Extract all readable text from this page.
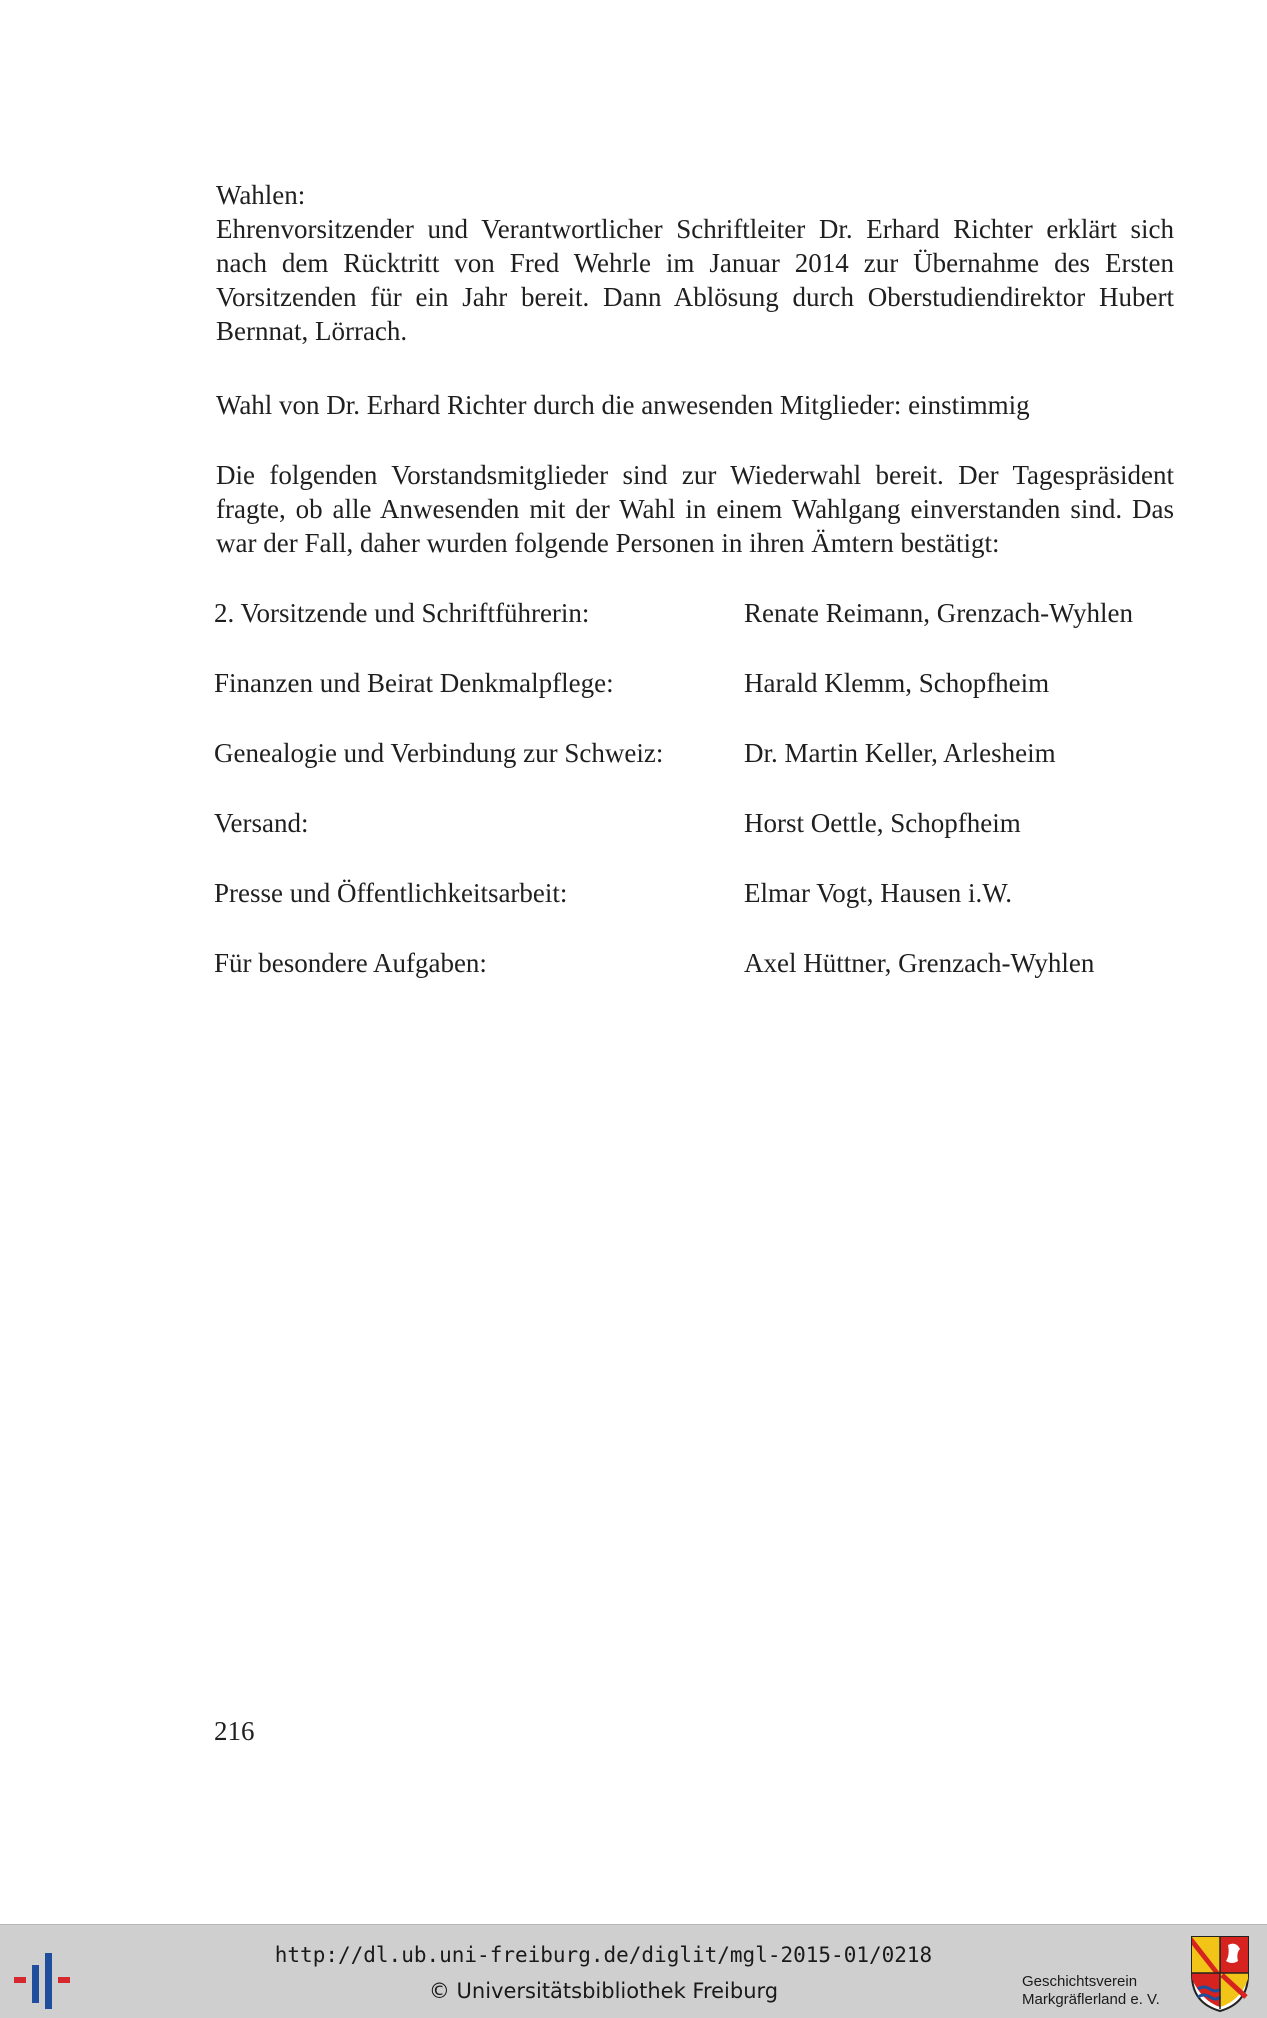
Wahlen:

Ehrenvorsitzender und Verantwortlicher Schriftleiter Dr. Erhard Richter erklärt sich nach dem Rücktritt von Fred Wehrle im Januar 2014 zur Übernahme des Ersten Vorsitzenden für ein Jahr bereit. Dann Ablösung durch Oberstudiendirektor Hubert Bernnat, Lörrach.

Wahl von Dr. Erhard Richter durch die anwesenden Mitglieder: einstimmig

Die folgenden Vorstandsmitglieder sind zur Wiederwahl bereit. Der Tagespräsident fragte, ob alle Anwesenden mit der Wahl in einem Wahlgang einverstanden sind. Das war der Fall, daher wurden folgende Personen in ihren Ämtern bestätigt:

2. Vorsitzende und Schriftführerin:	Renate Reimann, Grenzach-Wyhlen
Finanzen und Beirat Denkmalpflege:	Harald Klemm, Schopfheim
Genealogie und Verbindung zur Schweiz:	Dr. Martin Keller, Arlesheim
Versand:	Horst Oettle, Schopfheim
Presse und Öffentlichkeitsarbeit:	Elmar Vogt, Hausen i.W.
Für besondere Aufgaben:	Axel Hüttner, Grenzach-Wyhlen
216
http://dl.ub.uni-freiburg.de/diglit/mgl-2015-01/0218
© Universitätsbibliothek Freiburg	Geschichtsverein
Markgräflerland e. V.
